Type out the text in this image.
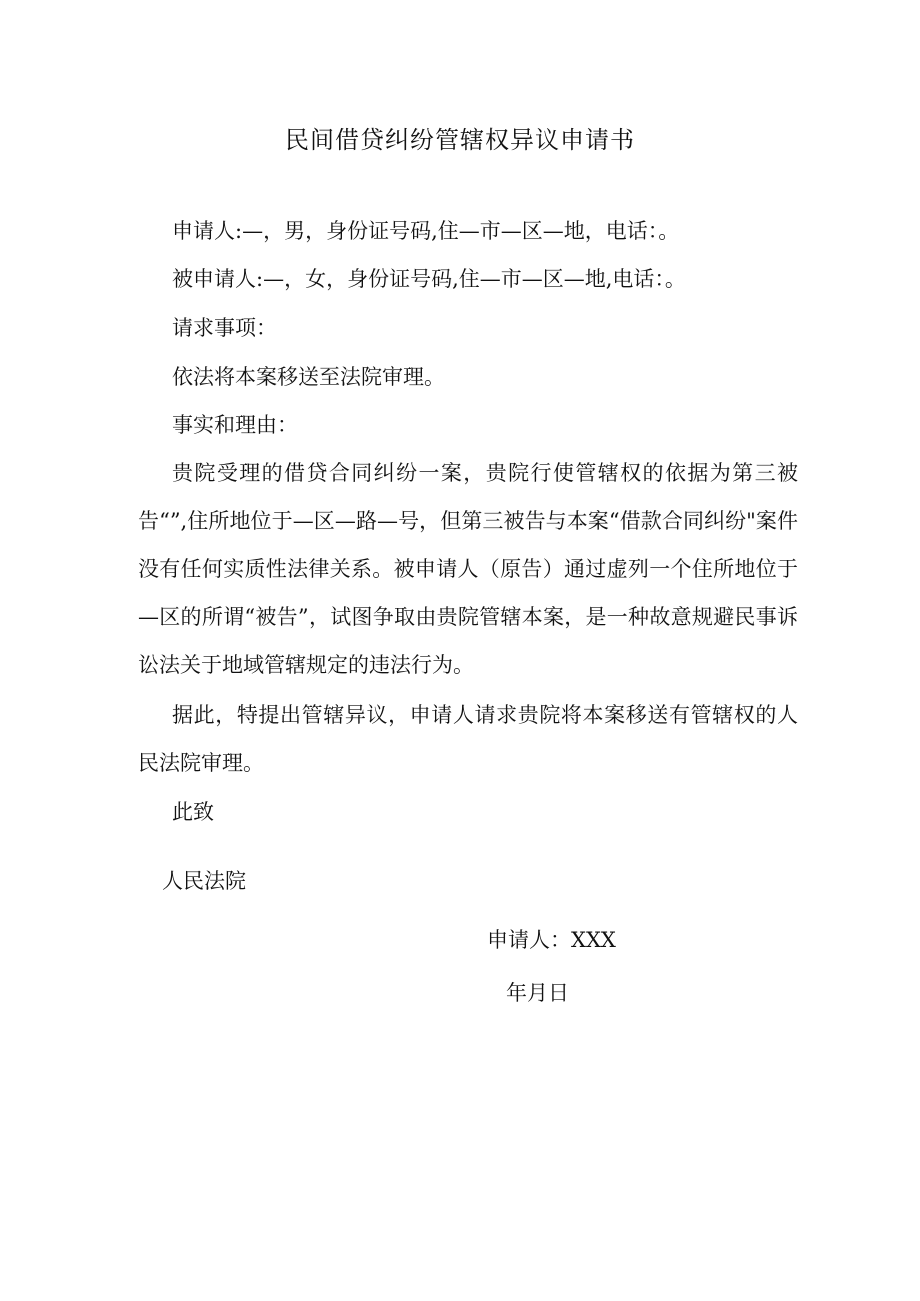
民间借贷纠纷管辖权异议申请书
申请人:—，男，身份证号码,住—市—区—地，电话：。
被申请人:—，女，身份证号码,住—市—区—地,电话：。
请求事项：
依法将本案移送至法院审理。
事实和理由：

贵院受理的借贷合同纠纷一案，贵院行使管辖权的依据为第三被告“”,住所地位于—区—路—号，但第三被告与本案“借款合同纠纷"案件没有任何实质性法律关系。被申请人（原告）通过虚列一个住所地位于—区的所谓“被告”，试图争取由贵院管辖本案，是一种故意规避民事诉讼法关于地域管辖规定的违法行为。

据此，特提出管辖异议，申请人请求贵院将本案移送有管辖权的人民法院审理。

此致
人民法院
申请人：XXX
年月日
